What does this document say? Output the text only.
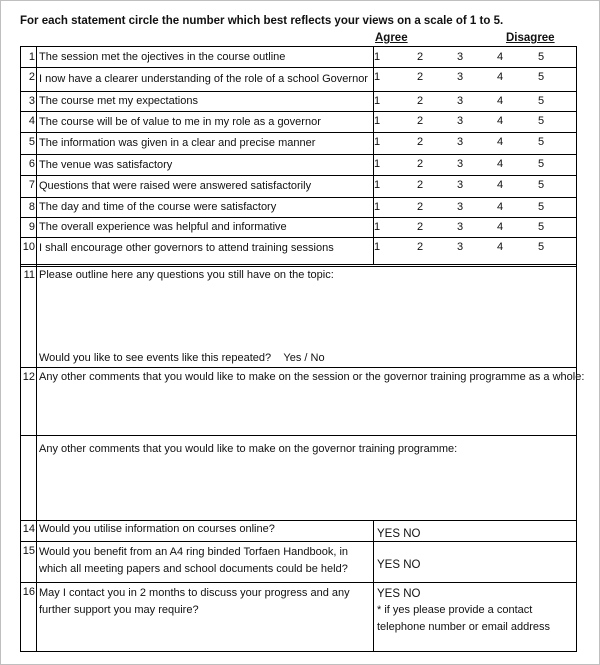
For each statement circle the number which best reflects your views on a scale of 1 to 5.
Agree	Disagree
1 The session met the ojectives in the course outline	1	2	3	4	5
2 I now have a clearer understanding of the role of a school Governor 1	2	3	4	5
3 The course met my expectations	1	2	3	4	5
4 The course will be of value to me in my role as a governor	1	2	3	4	5
5 The information was given in a clear and precise manner	1	2	3	4	5
6 The venue was satisfactory	1	2	3	4	5
7 Questions that were raised were answered satisfactorily	1	2	3	4	5
8 The day and time of the course were satisfactory	1	2	3	4	5
9 The overall experience was helpful and informative	1	2	3	4	5
10 I shall encourage other governors to attend training sessions	1	2	3	4	5
11 Please outline here any questions you still have on the topic:
Would you like to see events like this repeated? Yes / No
12 Any other comments that you would like to make on the session or the governor training programme as a whole:
Any other comments that you would like to make on the governor training programme:
14 Would you utilise information on courses online?	YES NO
15 Would you benefit from an A4 ring binded Torfaen Handbook, in which all meeting papers and school documents could be held?	YES NO
16 May I contact you in 2 months to discuss your progress and any further support you may require?
YES NO
* if yes please provide a contact telephone number or email address
